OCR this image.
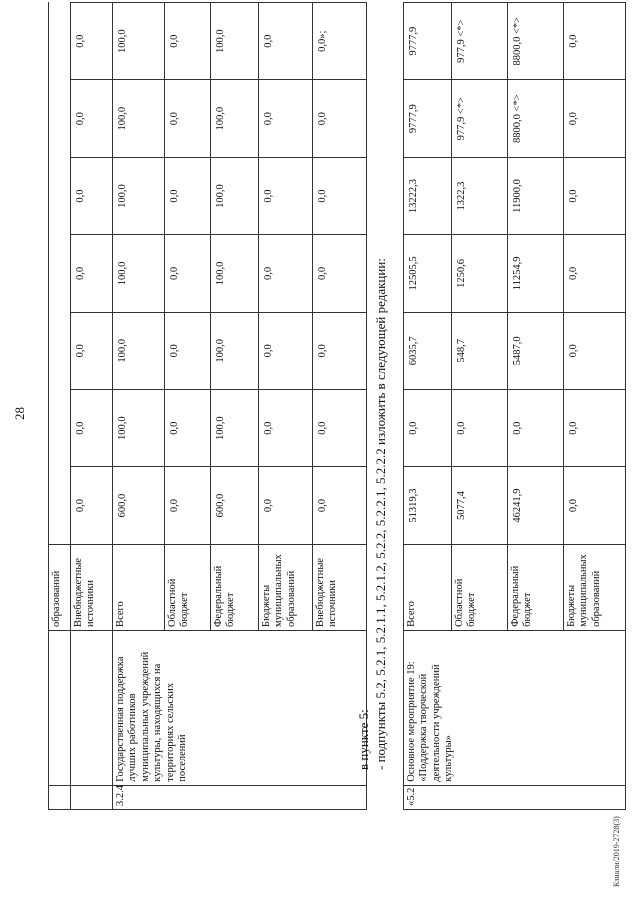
28
		образований							
		Внебюджетные источники	0,0	0,0	0,0	0,0	0,0	0,0	0,0
3.2.4	Государственная поддержка лучших работников муниципальных учреждений культуры, находящихся на территориях сельских поселений	Всего	600,0	100,0	100,0	100,0	100,0	100,0	100,0
		Областной бюджет	0,0	0,0	0,0	0,0	0,0	0,0	0,0
		Федеральный бюджет	600,0	100,0	100,0	100,0	100,0	100,0	100,0
		Бюджеты муниципальных образований	0,0	0,0	0,0	0,0	0,0	0,0	0,0
		Внебюджетные источники	0,0	0,0	0,0	0,0	0,0	0,0	0,0»;
в пункте 5: - подпункты 5.2, 5.2.1, 5.2.1.1, 5.2.1.2, 5.2.2, 5.2.2.1, 5.2.2.2 изложить в следующей редакции:
«5.2	Основное мероприятие 19: «Поддержка творческой деятельности учреждений культуры»	Всего	51319,3	0,0	6035,7	12505,5	13222,3	9777,9	9777,9
		Областной бюджет	5077,4	0,0	548,7	1250,6	1322,3	977,9 <*>	977,9 <*>
		Федеральный бюджет	46241,9	0,0	5487,0	11254,9	11900,0	8800,0 <*>	8800,0 <*>
		Бюджеты муниципальных образований	0,0	0,0	0,0	0,0	0,0	0,0	0,0
Кзнали/2019-2728(3)
